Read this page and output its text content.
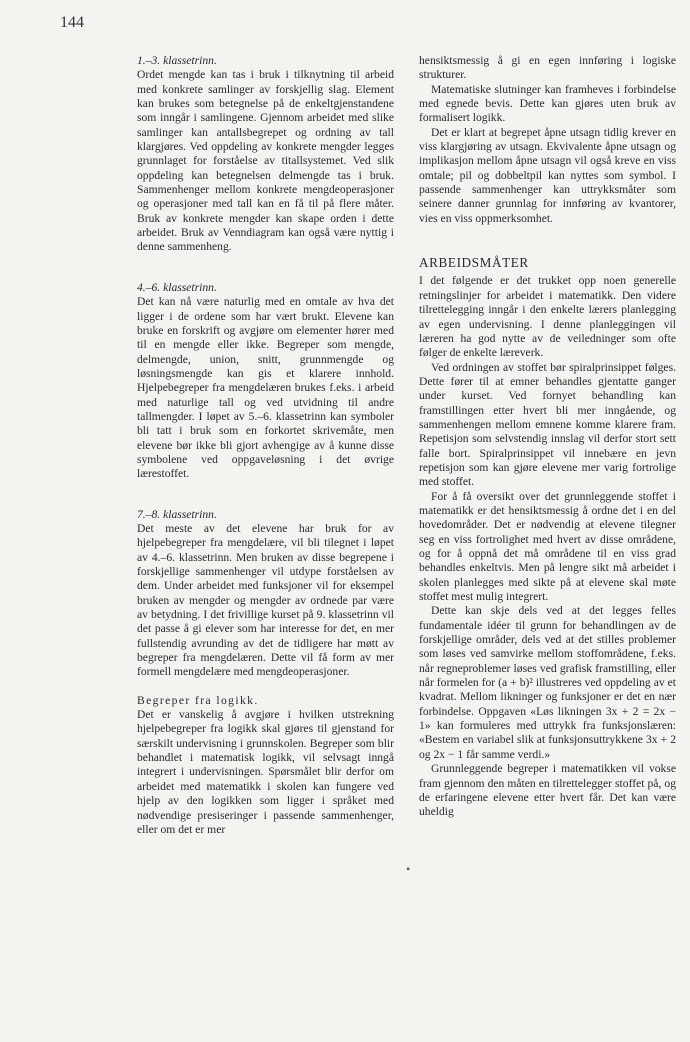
144

1.–3. klassetrinn.

Ordet mengde kan tas i bruk i tilknytning til arbeid med konkrete samlinger av forskjellig slag. Element kan brukes som betegnelse på de enkeltgjenstandene som inngår i samlingene. Gjennom arbeidet med slike samlinger kan antallsbegrepet og ordning av tall klargjøres. Ved oppdeling av konkrete mengder legges grunnlaget for forståelse av titallsystemet. Ved slik oppdeling kan betegnelsen delmengde tas i bruk. Sammenhenger mellom konkrete mengdeoperasjoner og operasjoner med tall kan en få til på flere måter. Bruk av konkrete mengder kan skape orden i dette arbeidet. Bruk av Venndiagram kan også være nyttig i denne sammenheng.

4.–6. klassetrinn.

Det kan nå være naturlig med en omtale av hva det ligger i de ordene som har vært brukt. Elevene kan bruke en forskrift og avgjøre om elementer hører med til en mengde eller ikke. Begreper som mengde, delmengde, union, snitt, grunnmengde og løsningsmengde kan gis et klarere innhold. Hjelpebegreper fra mengdelæren brukes f.eks. i arbeid med naturlige tall og ved utvidning til andre tallmengder. I løpet av 5.–6. klassetrinn kan symboler bli tatt i bruk som en forkortet skrivemåte, men elevene bør ikke bli gjort avhengige av å kunne disse symbolene ved oppgaveløsning i det øvrige lærestoffet.

7.–8. klassetrinn.

Det meste av det elevene har bruk for av hjelpebegreper fra mengdelære, vil bli tilegnet i løpet av 4.–6. klassetrinn. Men bruken av disse begrepene i forskjellige sammenhenger vil utdype forståelsen av dem. Under arbeidet med funksjoner vil for eksempel bruken av mengder og mengder av ordnede par være av betydning. I det frivillige kurset på 9. klassetrinn vil det passe å gi elever som har interesse for det, en mer fullstendig avrunding av det de tidligere har møtt av begreper fra mengdelæren. Dette vil få form av mer formell mengdelære med mengdeoperasjoner.

Begreper fra logikk.

Det er vanskelig å avgjøre i hvilken utstrekning hjelpebegreper fra logikk skal gjøres til gjenstand for særskilt undervisning i grunnskolen. Begreper som blir behandlet i matematisk logikk, vil selvsagt inngå integrert i undervisningen. Spørsmålet blir derfor om arbeidet med matematikk i skolen kan fungere ved hjelp av den logikken som ligger i språket med nødvendige presiseringer i passende sammenhenger, eller om det er mer

hensiktsmessig å gi en egen innføring i logiske strukturer.

Matematiske slutninger kan framheves i forbindelse med egnede bevis. Dette kan gjøres uten bruk av formalisert logikk.

Det er klart at begrepet åpne utsagn tidlig krever en viss klargjøring av utsagn. Ekvivalente åpne utsagn og implikasjon mellom åpne utsagn vil også kreve en viss omtale; pil og dobbeltpil kan nyttes som symbol. I passende sammenhenger kan uttrykksmåter som seinere danner grunnlag for innføring av kvantorer, vies en viss oppmerksomhet.

ARBEIDSMÅTER

I det følgende er det trukket opp noen generelle retningslinjer for arbeidet i matematikk. Den videre tilrettelegging inngår i den enkelte lærers planlegging av egen undervisning. I denne planleggingen vil læreren ha god nytte av de veiledninger som ofte følger de enkelte læreverk.

Ved ordningen av stoffet bør spiralprinsippet følges. Dette fører til at emner behandles gjentatte ganger under kurset. Ved fornyet behandling kan framstillingen etter hvert bli mer inngående, og sammenhengen mellom emnene komme klarere fram. Repetisjon som selvstendig innslag vil derfor stort sett falle bort. Spiralprinsippet vil innebære en jevn repetisjon som kan gjøre elevene mer varig fortrolige med stoffet.

For å få oversikt over det grunnleggende stoffet i matematikk er det hensiktsmessig å ordne det i en del hovedområder. Det er nødvendig at elevene tilegner seg en viss fortrolighet med hvert av disse områdene, og for å oppnå det må områdene til en viss grad behandles enkeltvis. Men på lengre sikt må arbeidet i skolen planlegges med sikte på at elevene skal møte stoffet mest mulig integrert.

Dette kan skje dels ved at det legges felles fundamentale idéer til grunn for behandlingen av de forskjellige områder, dels ved at det stilles problemer som løses ved samvirke mellom stoffområdene, f.eks. når regneproblemer løses ved grafisk framstilling, eller når formelen for (a + b)² illustreres ved oppdeling av et kvadrat. Mellom likninger og funksjoner er det en nær forbindelse. Oppgaven «Løs likningen 3x + 2 = 2x − 1» kan formuleres med uttrykk fra funksjonslæren: «Bestem en variabel slik at funksjonsuttrykkene 3x + 2 og 2x − 1 får samme verdi.»

Grunnleggende begreper i matematikken vil vokse fram gjennom den måten en tilrettelegger stoffet på, og de erfaringene elevene etter hvert får. Det kan være uheldig

•
